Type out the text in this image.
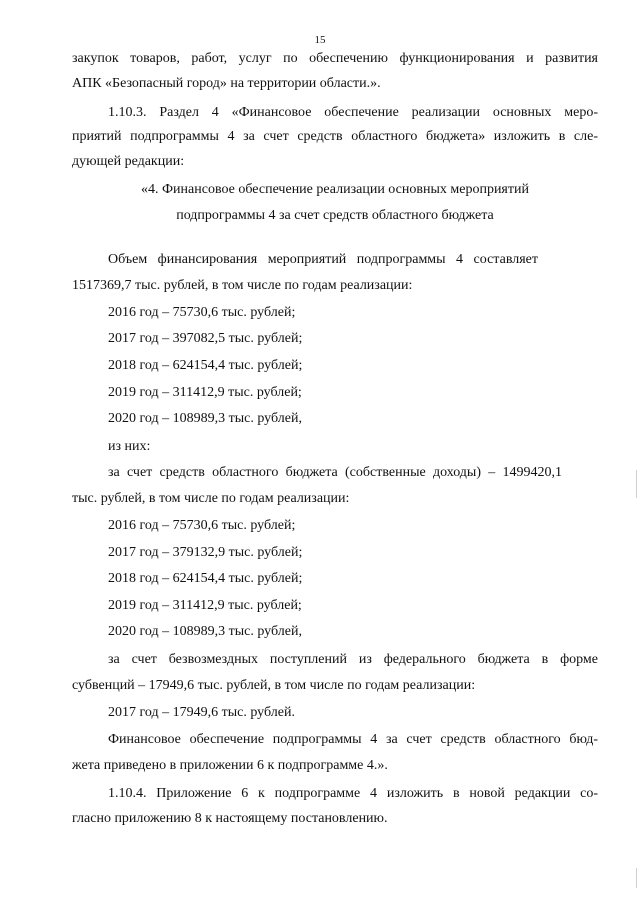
15
закупок товаров, работ, услуг по обеспечению функционирования и развития
АПК «Безопасный город» на территории области.».
1.10.3. Раздел 4 «Финансовое обеспечение реализации основных меро-
приятий подпрограммы 4 за счет средств областного бюджета» изложить в сле-
дующей редакции:
«4. Финансовое обеспечение реализации основных мероприятий
подпрограммы 4 за счет средств областного бюджета
Объем финансирования мероприятий подпрограммы 4 составляет
1517369,7 тыс. рублей, в том числе по годам реализации:
2016 год – 75730,6 тыс. рублей;
2017 год – 397082,5 тыс. рублей;
2018 год – 624154,4 тыс. рублей;
2019 год – 311412,9 тыс. рублей;
2020 год – 108989,3 тыс. рублей,
из них:
за счет средств областного бюджета (собственные доходы) – 1499420,1
тыс. рублей, в том числе по годам реализации:
2016 год – 75730,6 тыс. рублей;
2017 год – 379132,9 тыс. рублей;
2018 год – 624154,4 тыс. рублей;
2019 год – 311412,9 тыс. рублей;
2020 год – 108989,3 тыс. рублей,
за счет безвозмездных поступлений из федерального бюджета в форме
субвенций – 17949,6 тыс. рублей, в том числе по годам реализации:
2017 год – 17949,6 тыс. рублей.
Финансовое обеспечение подпрограммы 4 за счет средств областного бюд-
жета приведено в приложении 6 к подпрограмме 4.».
1.10.4. Приложение 6 к подпрограмме 4 изложить в новой редакции со-
гласно приложению 8 к настоящему постановлению.
